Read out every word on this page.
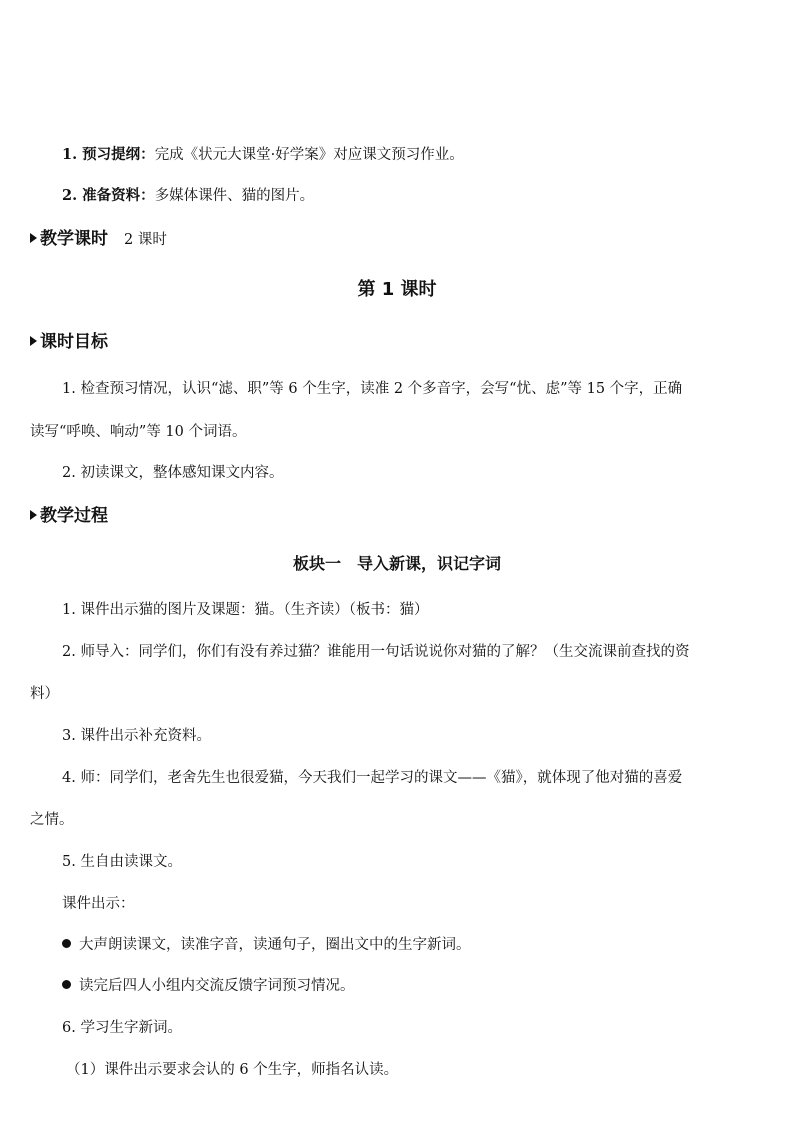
1. 预习提纲：完成《状元大课堂·好学案》对应课文预习作业。
2. 准备资料：多媒体课件、猫的图片。
教学课时 2 课时
第 1 课时
课时目标
1. 检查预习情况，认识“滤、职”等 6 个生字，读准 2 个多音字，会写“忧、虑”等 15 个字，正确
读写“呼唤、响动”等 10 个词语。
2. 初读课文，整体感知课文内容。
教学过程
板块一　导入新课，识记字词
1. 课件出示猫的图片及课题：猫。（生齐读）（板书：猫）
2. 师导入：同学们，你们有没有养过猫？谁能用一句话说说你对猫的了解？（生交流课前查找的资
料）
3. 课件出示补充资料。
4. 师：同学们，老舍先生也很爱猫，今天我们一起学习的课文——《猫》，就体现了他对猫的喜爱
之情。
5. 生自由读课文。
课件出示：
大声朗读课文，读准字音，读通句子，圈出文中的生字新词。
读完后四人小组内交流反馈字词预习情况。
6. 学习生字新词。
（1）课件出示要求会认的 6 个生字，师指名认读。
